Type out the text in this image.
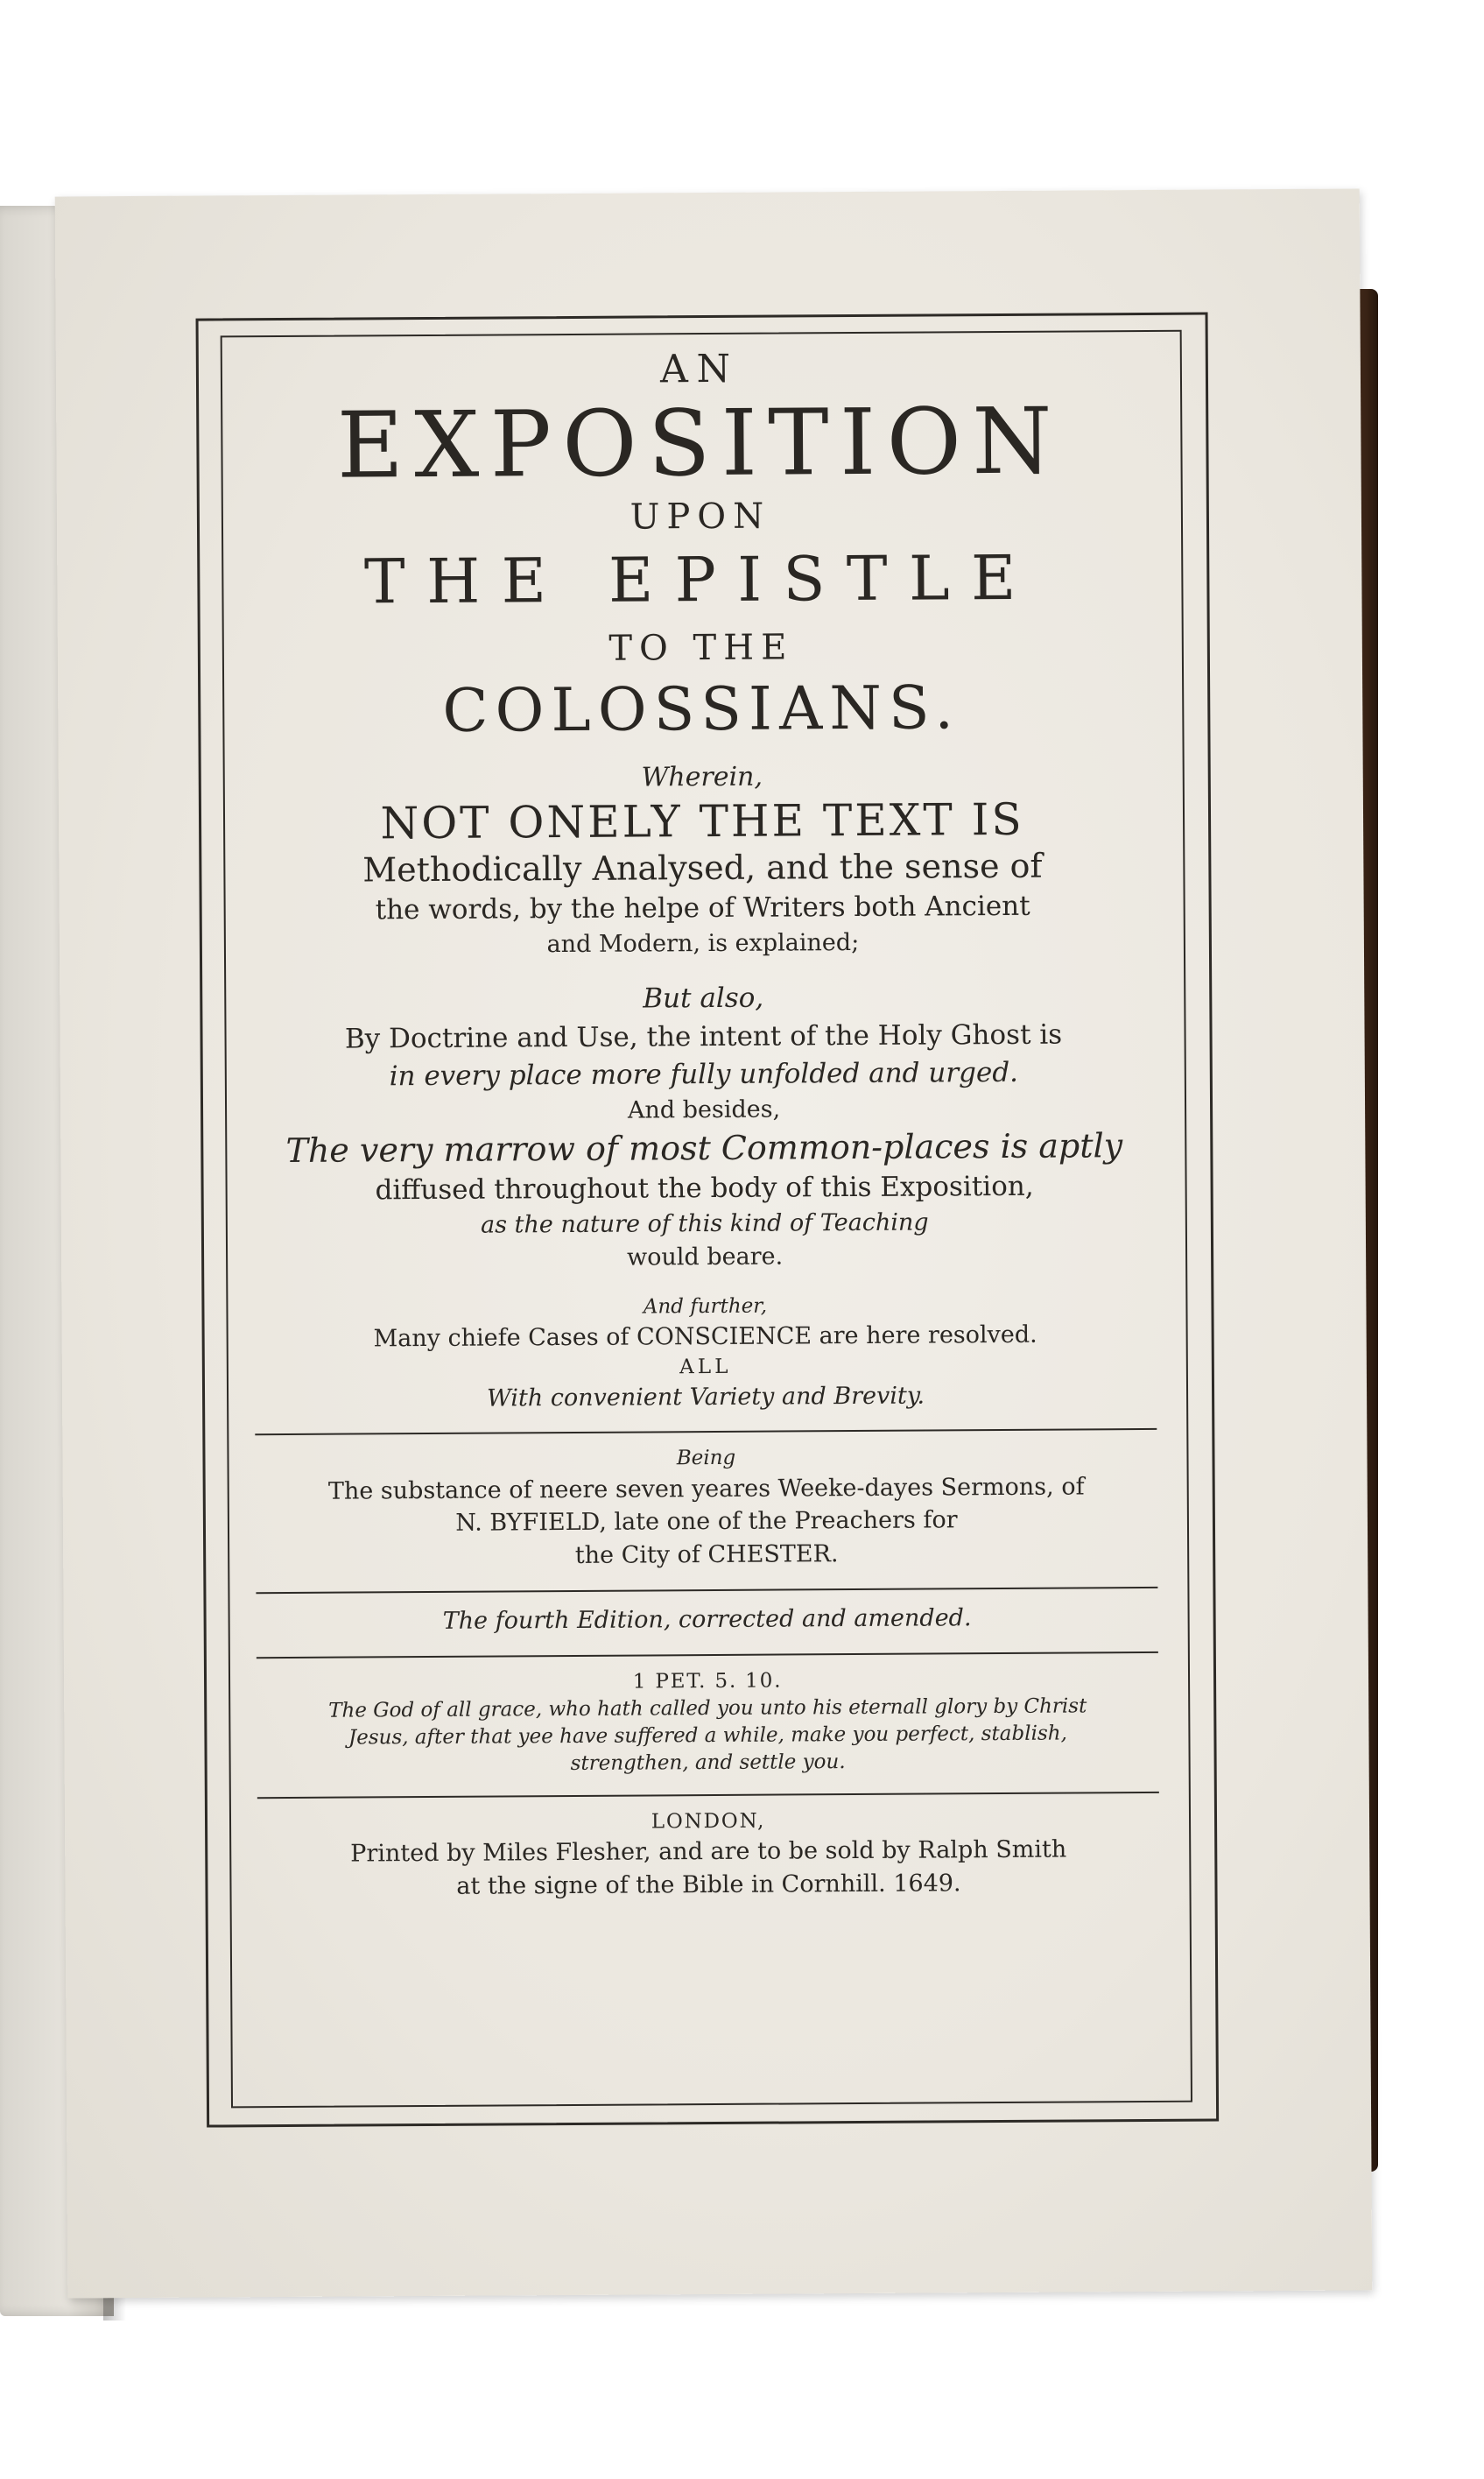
AN
EXPOSITION
UPON
THE EPISTLE
TO THE
COLOSSIANS.
Wherein,
NOT ONELY THE TEXT IS
Methodically Analysed, and the sense of
the words, by the helpe of Writers both Ancient
and Modern, is explained;
But also,
By Doctrine and Use, the intent of the Holy Ghost is
in every place more fully unfolded and urged.
And besides,
The very marrow of most Common-places is aptly
diffused throughout the body of this Exposition,
as the nature of this kind of Teaching
would beare.
And further,
Many chiefe Cases of CONSCIENCE are here resolved.
ALL
With convenient Variety and Brevity.
Being
The substance of neere seven yeares Weeke-dayes Sermons, of
N. BYFIELD, late one of the Preachers for
the City of CHESTER.
The fourth Edition, corrected and amended.
1 PET. 5. 10.
The God of all grace, who hath called you unto his eternall glory by Christ
Jesus, after that yee have suffered a while, make you perfect, stablish,
strengthen, and settle you.
LONDON,
Printed by Miles Flesher, and are to be sold by Ralph Smith
at the signe of the Bible in Cornhill. 1649.
